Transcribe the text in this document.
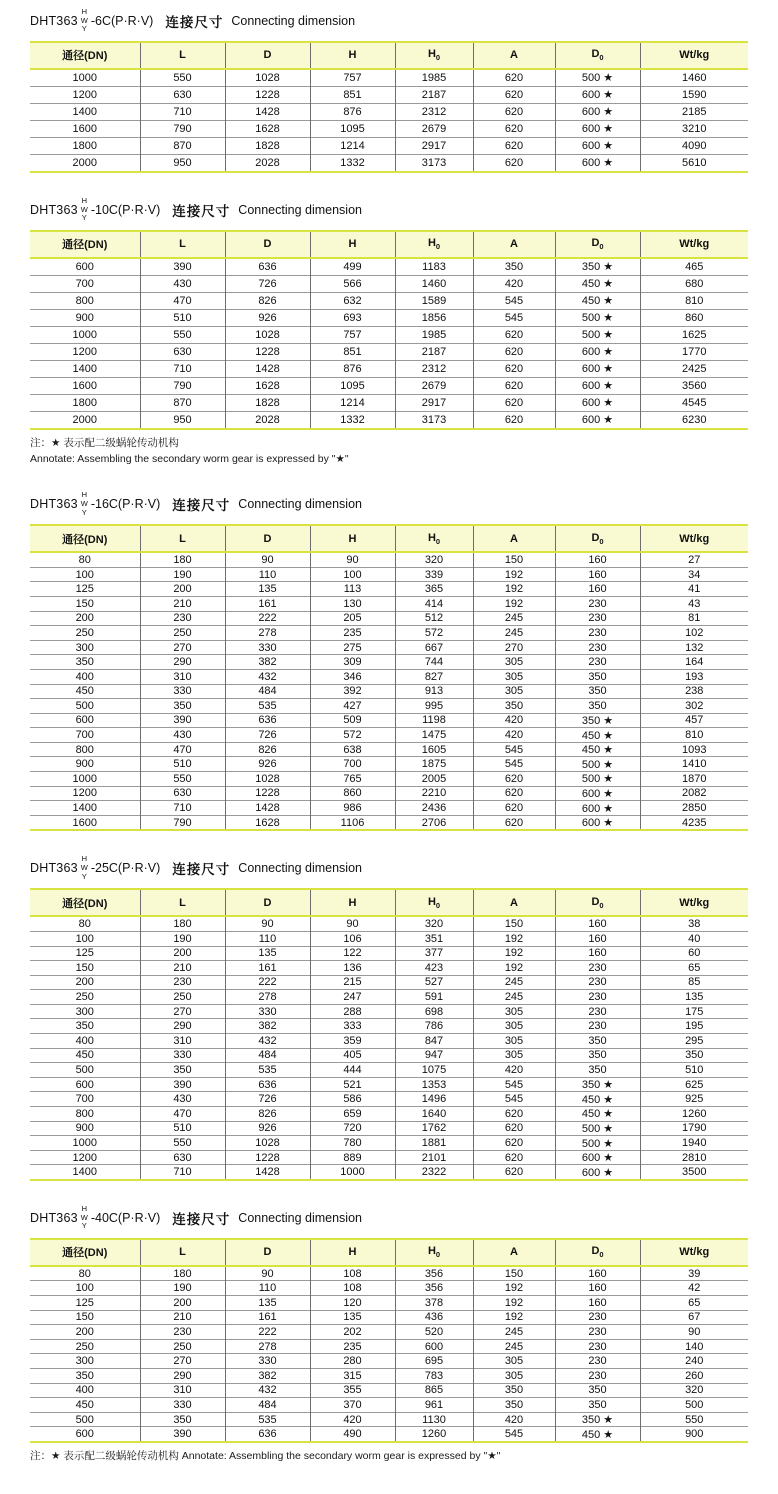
DHT363
H
W
Y
-6C(P·R·V) 连接尺寸 Connecting dimension
通径(DN)	L	D	H	$H_0$	A	$D_0$	Wt/kg
1000	550	1028	757	1985	620	500 ★	1460
1200	630	1228	851	2187	620	600 ★	1590
1400	710	1428	876	2312	620	600 ★	2185
1600	790	1628	1095	2679	620	600 ★	3210
1800	870	1828	1214	2917	620	600 ★	4090
2000	950	2028	1332	3173	620	600 ★	5610
DHT363
H
W
Y
-10C(P·R·V) 连接尺寸 Connecting dimension
通径(DN)	L	D	H	$H_0$	A	$D_0$	Wt/kg
600	390	636	499	1183	350	350 ★	465
700	430	726	566	1460	420	450 ★	680
800	470	826	632	1589	545	450 ★	810
900	510	926	693	1856	545	500 ★	860
1000	550	1028	757	1985	620	500 ★	1625
1200	630	1228	851	2187	620	600 ★	1770
1400	710	1428	876	2312	620	600 ★	2425
1600	790	1628	1095	2679	620	600 ★	3560
1800	870	1828	1214	2917	620	600 ★	4545
2000	950	2028	1332	3173	620	600 ★	6230
注：★ 表示配二级蜗轮传动机构
Annotate: Assembling the secondary worm gear is expressed by "★"
DHT363
H
W
Y
-16C(P·R·V) 连接尺寸 Connecting dimension
通径(DN)	L	D	H	$H_0$	A	$D_0$	Wt/kg
80	180	90	90	320	150	160	27
100	190	110	100	339	192	160	34
125	200	135	113	365	192	160	41
150	210	161	130	414	192	230	43
200	230	222	205	512	245	230	81
250	250	278	235	572	245	230	102
300	270	330	275	667	270	230	132
350	290	382	309	744	305	230	164
400	310	432	346	827	305	350	193
450	330	484	392	913	305	350	238
500	350	535	427	995	350	350	302
600	390	636	509	1198	420	350 ★	457
700	430	726	572	1475	420	450 ★	810
800	470	826	638	1605	545	450 ★	1093
900	510	926	700	1875	545	500 ★	1410
1000	550	1028	765	2005	620	500 ★	1870
1200	630	1228	860	2210	620	600 ★	2082
1400	710	1428	986	2436	620	600 ★	2850
1600	790	1628	1106	2706	620	600 ★	4235
DHT363
H
W
Y
-25C(P·R·V) 连接尺寸 Connecting dimension
通径(DN)	L	D	H	$H_0$	A	$D_0$	Wt/kg
80	180	90	90	320	150	160	38
100	190	110	106	351	192	160	40
125	200	135	122	377	192	160	60
150	210	161	136	423	192	230	65
200	230	222	215	527	245	230	85
250	250	278	247	591	245	230	135
300	270	330	288	698	305	230	175
350	290	382	333	786	305	230	195
400	310	432	359	847	305	350	295
450	330	484	405	947	305	350	350
500	350	535	444	1075	420	350	510
600	390	636	521	1353	545	350 ★	625
700	430	726	586	1496	545	450 ★	925
800	470	826	659	1640	620	450 ★	1260
900	510	926	720	1762	620	500 ★	1790
1000	550	1028	780	1881	620	500 ★	1940
1200	630	1228	889	2101	620	600 ★	2810
1400	710	1428	1000	2322	620	600 ★	3500
DHT363
H
W
Y
-40C(P·R·V) 连接尺寸 Connecting dimension
通径(DN)	L	D	H	$H_0$	A	$D_0$	Wt/kg
80	180	90	108	356	150	160	39
100	190	110	108	356	192	160	42
125	200	135	120	378	192	160	65
150	210	161	135	436	192	230	67
200	230	222	202	520	245	230	90
250	250	278	235	600	245	230	140
300	270	330	280	695	305	230	240
350	290	382	315	783	305	230	260
400	310	432	355	865	350	350	320
450	330	484	370	961	350	350	500
500	350	535	420	1130	420	350 ★	550
600	390	636	490	1260	545	450 ★	900
注：★ 表示配二级蜗轮传动机构 Annotate: Assembling the secondary worm gear is expressed by "★"
